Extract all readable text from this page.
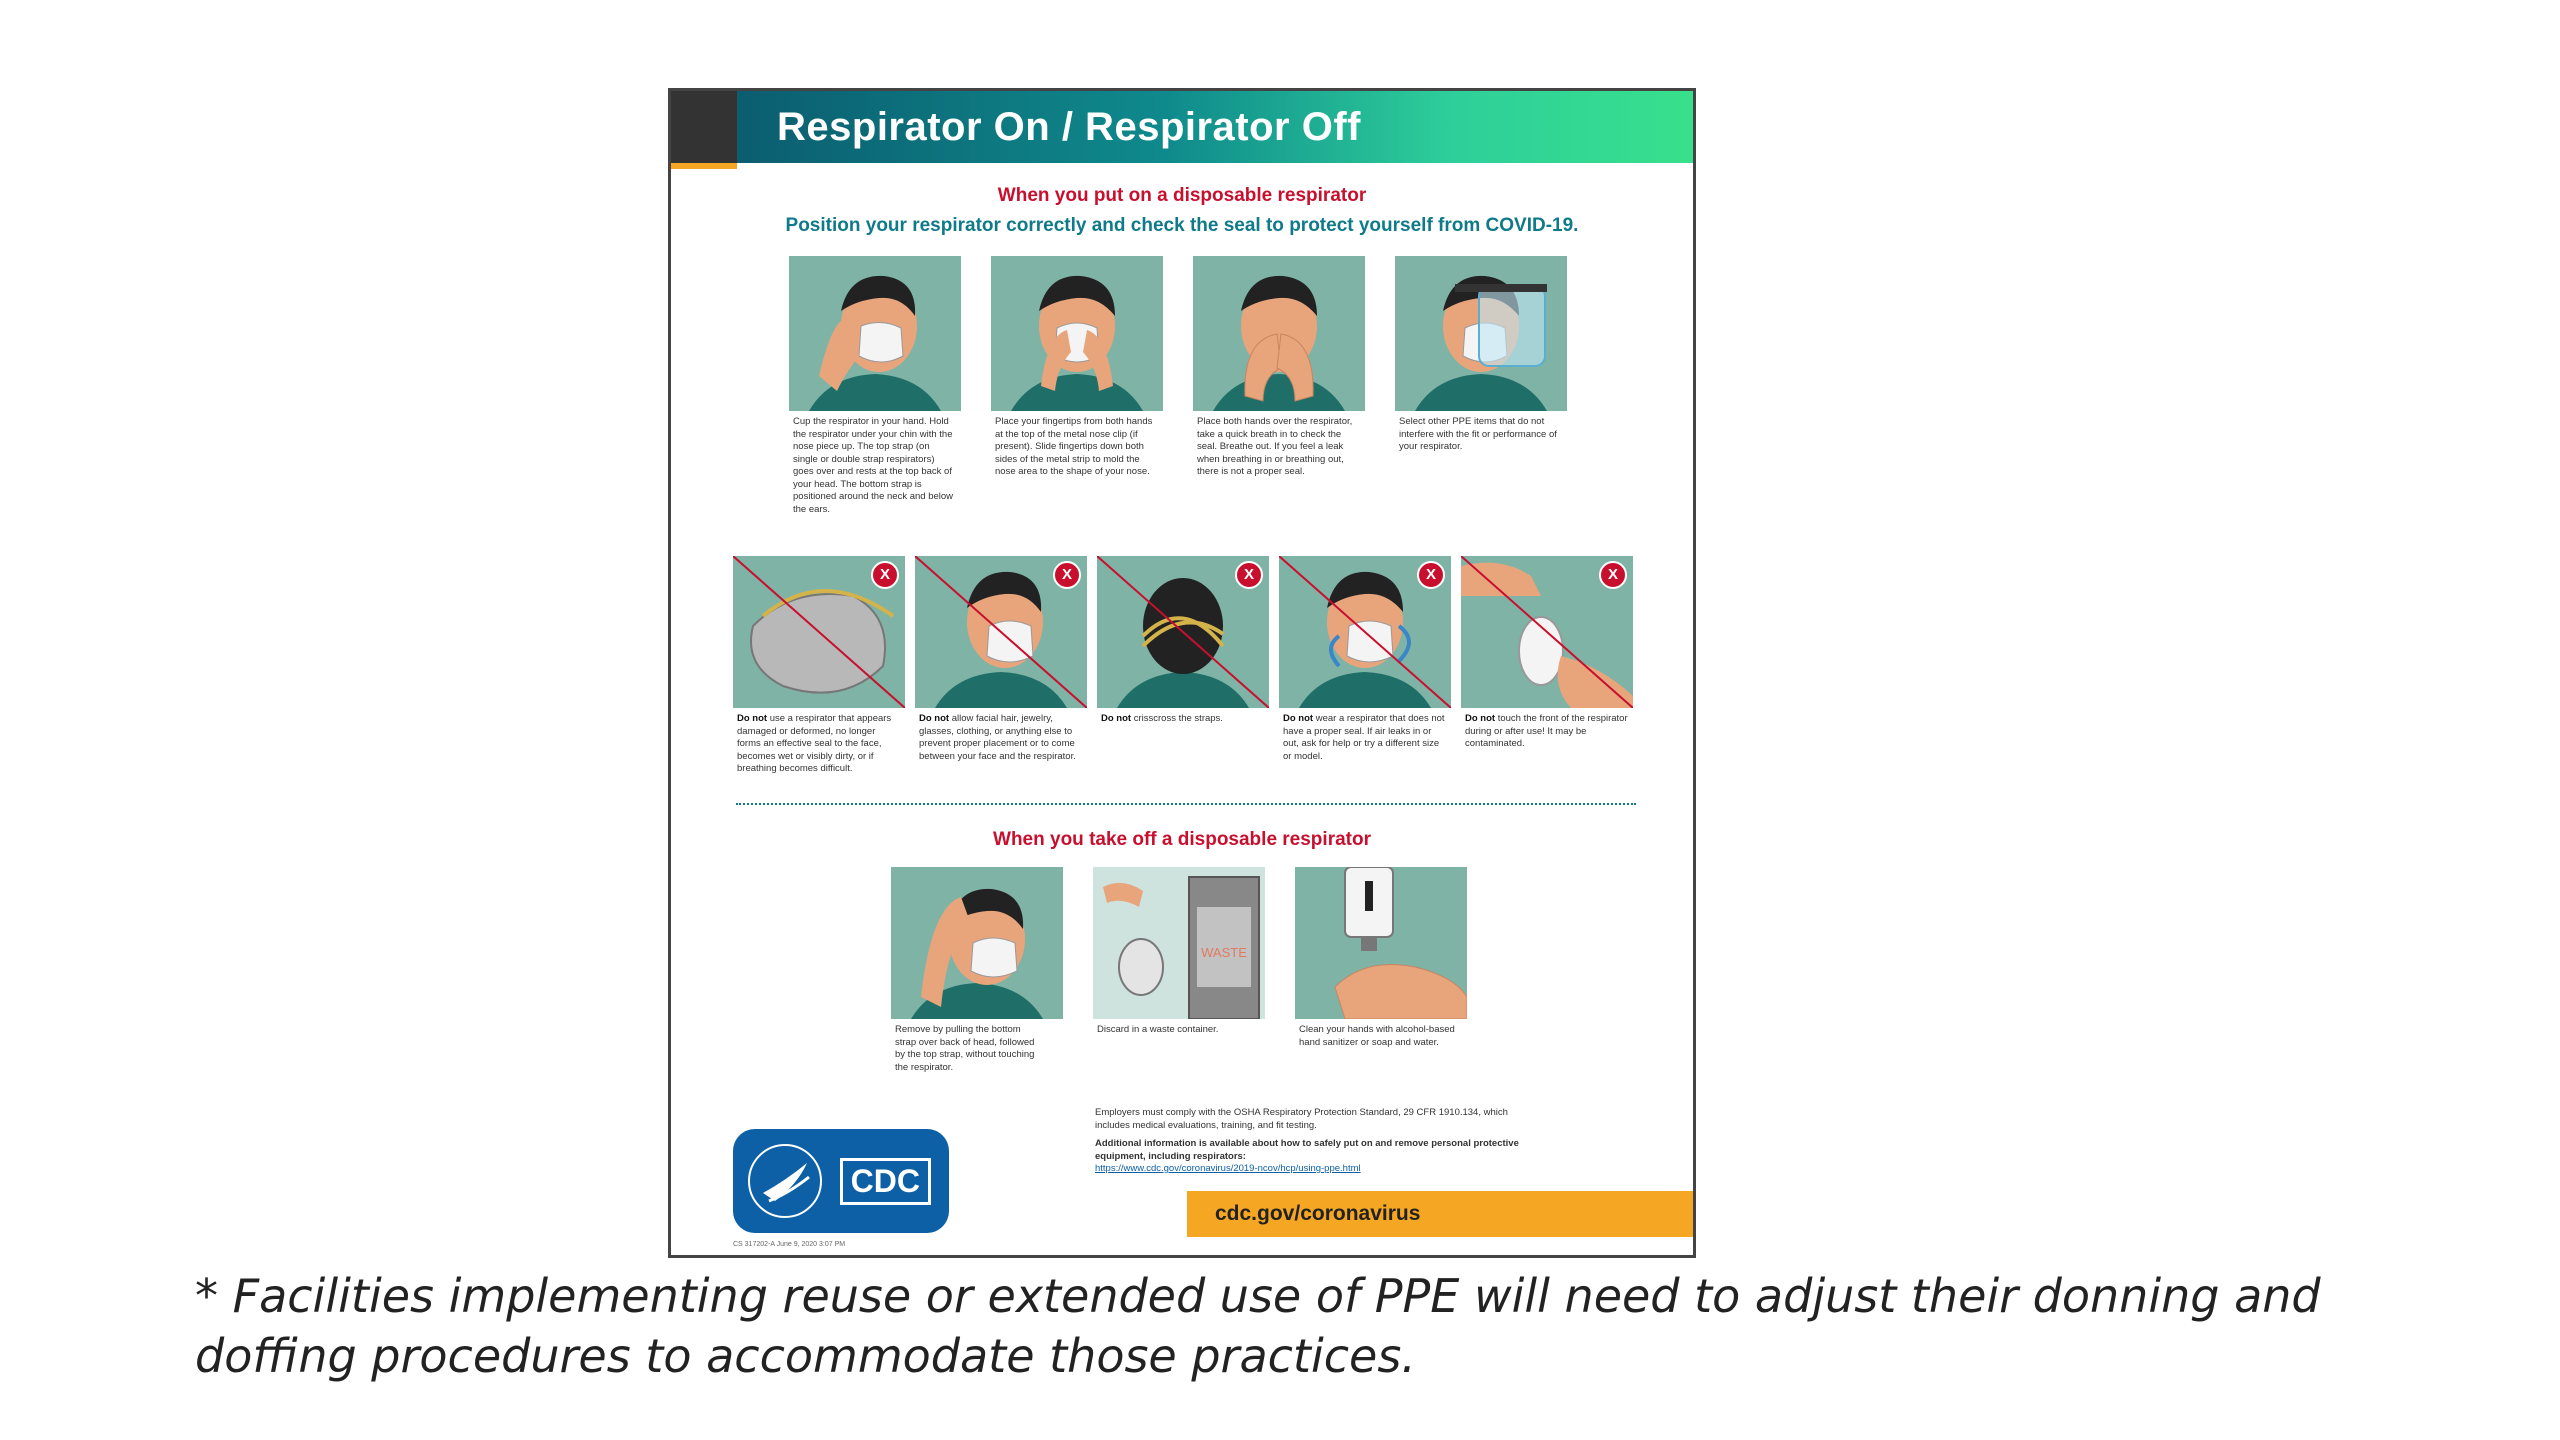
Respirator On / Respirator Off
When you put on a disposable respirator
Position your respirator correctly and check the seal to protect yourself from COVID-19.
Cup the respirator in your hand. Hold the respirator under your chin with the nose piece up. The top strap (on single or double strap respirators) goes over and rests at the top back of your head. The bottom strap is positioned around the neck and below the ears.
Place your fingertips from both hands at the top of the metal nose clip (if present). Slide fingertips down both sides of the metal strip to mold the nose area to the shape of your nose.
Place both hands over the respirator, take a quick breath in to check the seal. Breathe out. If you feel a leak when breathing in or breathing out, there is not a proper seal.
Select other PPE items that do not interfere with the fit or performance of your respirator.
X
Do not use a respirator that appears damaged or deformed, no longer forms an effective seal to the face, becomes wet or visibly dirty, or if breathing becomes difficult.
X
Do not allow facial hair, jewelry, glasses, clothing, or anything else to prevent proper placement or to come between your face and the respirator.
X
Do not crisscross the straps.
X
Do not wear a respirator that does not have a proper seal. If air leaks in or out, ask for help or try a different size or model.
X
Do not touch the front of the respirator during or after use! It may be contaminated.
When you take off a disposable respirator
Remove by pulling the bottom strap over back of head, followed by the top strap, without touching the respirator.
WASTE
Discard in a waste container.	Clean your hands with alcohol-based hand sanitizer or soap and water.
Employers must comply with the OSHA Respiratory Protection Standard, 29 CFR 1910.134, which includes medical evaluations, training, and fit testing.
Additional information is available about how to safely put on and remove personal protective equipment, including respirators:
https://www.cdc.gov/coronavirus/2019-ncov/hcp/using-ppe.html
CDC
cdc.gov/coronavirus
CS 317202-A June 9, 2020 3:07 PM
* Facilities implementing reuse or extended use of PPE will need to adjust their donning and doffing procedures to accommodate those practices.
